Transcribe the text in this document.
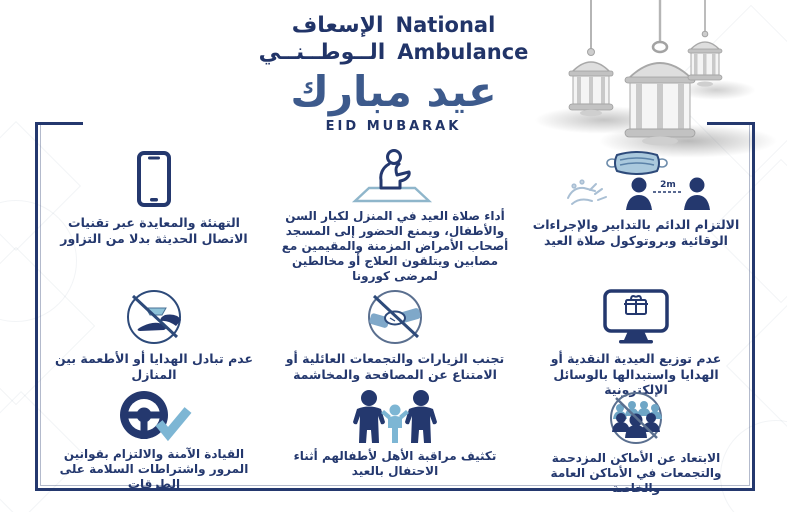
الإسعاف National
الــوطــنــي Ambulance
عيد مبارك
EID MUBARAK
التهنئة والمعايدة عبر تقنيات الاتصال الحديثة بدلا من التزاور
أداء صلاة العيد في المنزل لكبار السن والأطفال، ويمنع الحضور إلى المسجد أصحاب الأمراض المزمنة والمقيمين مع مصابين ويتلقون العلاج أو مخالطين لمرضى كورونا
2m
الالتزام الدائم بالتدابير والإجراءات الوقائية وبروتوكول صلاة العيد
عدم تبادل الهدايا أو الأطعمة بين المنازل
تجنب الزيارات والتجمعات العائلية أو الامتناع عن المصافحة والمخاشمة
عدم توزيع العيدية النقدية أو الهدايا واستبدالها بالوسائل الإلكترونية
القيادة الآمنة والالتزام بقوانين المرور واشتراطات السلامة على الطرقات
تكثيف مراقبة الأهل لأطفالهم أثناء الاحتفال بالعيد
الابتعاد عن الأماكن المزدحمة والتجمعات في الأماكن العامة والخاصة
